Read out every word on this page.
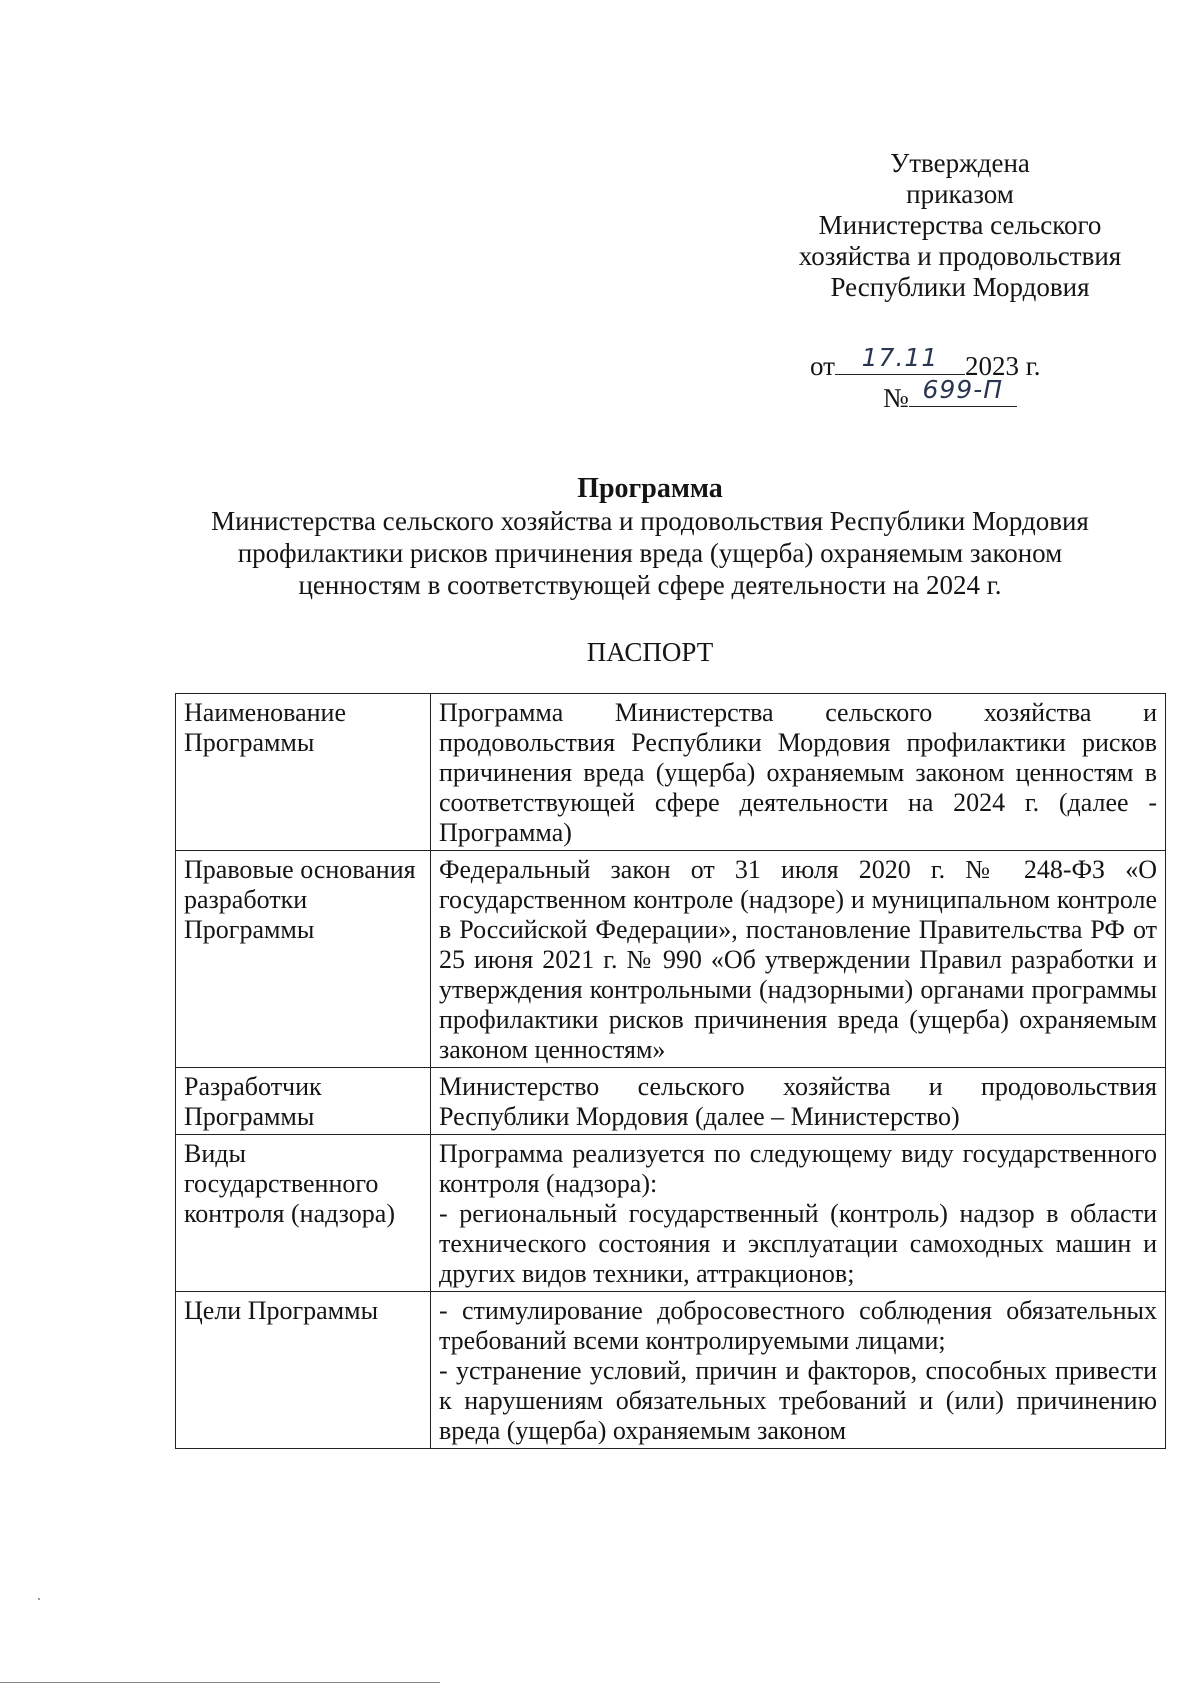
Утверждена
приказом
Министерства сельского
хозяйства и продовольствия
Республики Мордовия
от	17.11 2023 г.
№ 699-П
Программа
Министерства сельского хозяйства и продовольствия Республики Мордовия
профилактики рисков причинения вреда (ущерба) охраняемым законом
ценностям в соответствующей сфере деятельности на 2024 г.
ПАСПОРТ
Наименование Программы	Программа Министерства сельского хозяйства и продовольствия Республики Мордовия профилактики рисков причинения вреда (ущерба) охраняемым законом ценностям в соответствующей сфере деятельности на 2024 г. (далее - Программа)

Правовые основания разработки Программы	Федеральный закон от 31 июля 2020 г. № 248-ФЗ «О государственном контроле (надзоре) и муниципальном контроле в Российской Федерации», постановление Правительства РФ от 25 июня 2021 г. № 990 «Об утверждении Правил разработки и утверждения контрольными (надзорными) органами программы профилактики рисков причинения вреда (ущерба) охраняемым законом ценностям»

Разработчик Программы	Министерство сельского хозяйства и продовольствия Республики Мордовия (далее – Министерство)

Виды государственного контроля (надзора)	Программа реализуется по следующему виду государственного контроля (надзора):
- региональный государственный (контроль) надзор в области технического состояния и эксплуатации самоходных машин и других видов техники, аттракционов;

Цели Программы	- стимулирование добросовестного соблюдения обязательных требований всеми контролируемыми лицами;
- устранение условий, причин и факторов, способных привести к нарушениям обязательных требований и (или) причинению вреда (ущерба) охраняемым законом
